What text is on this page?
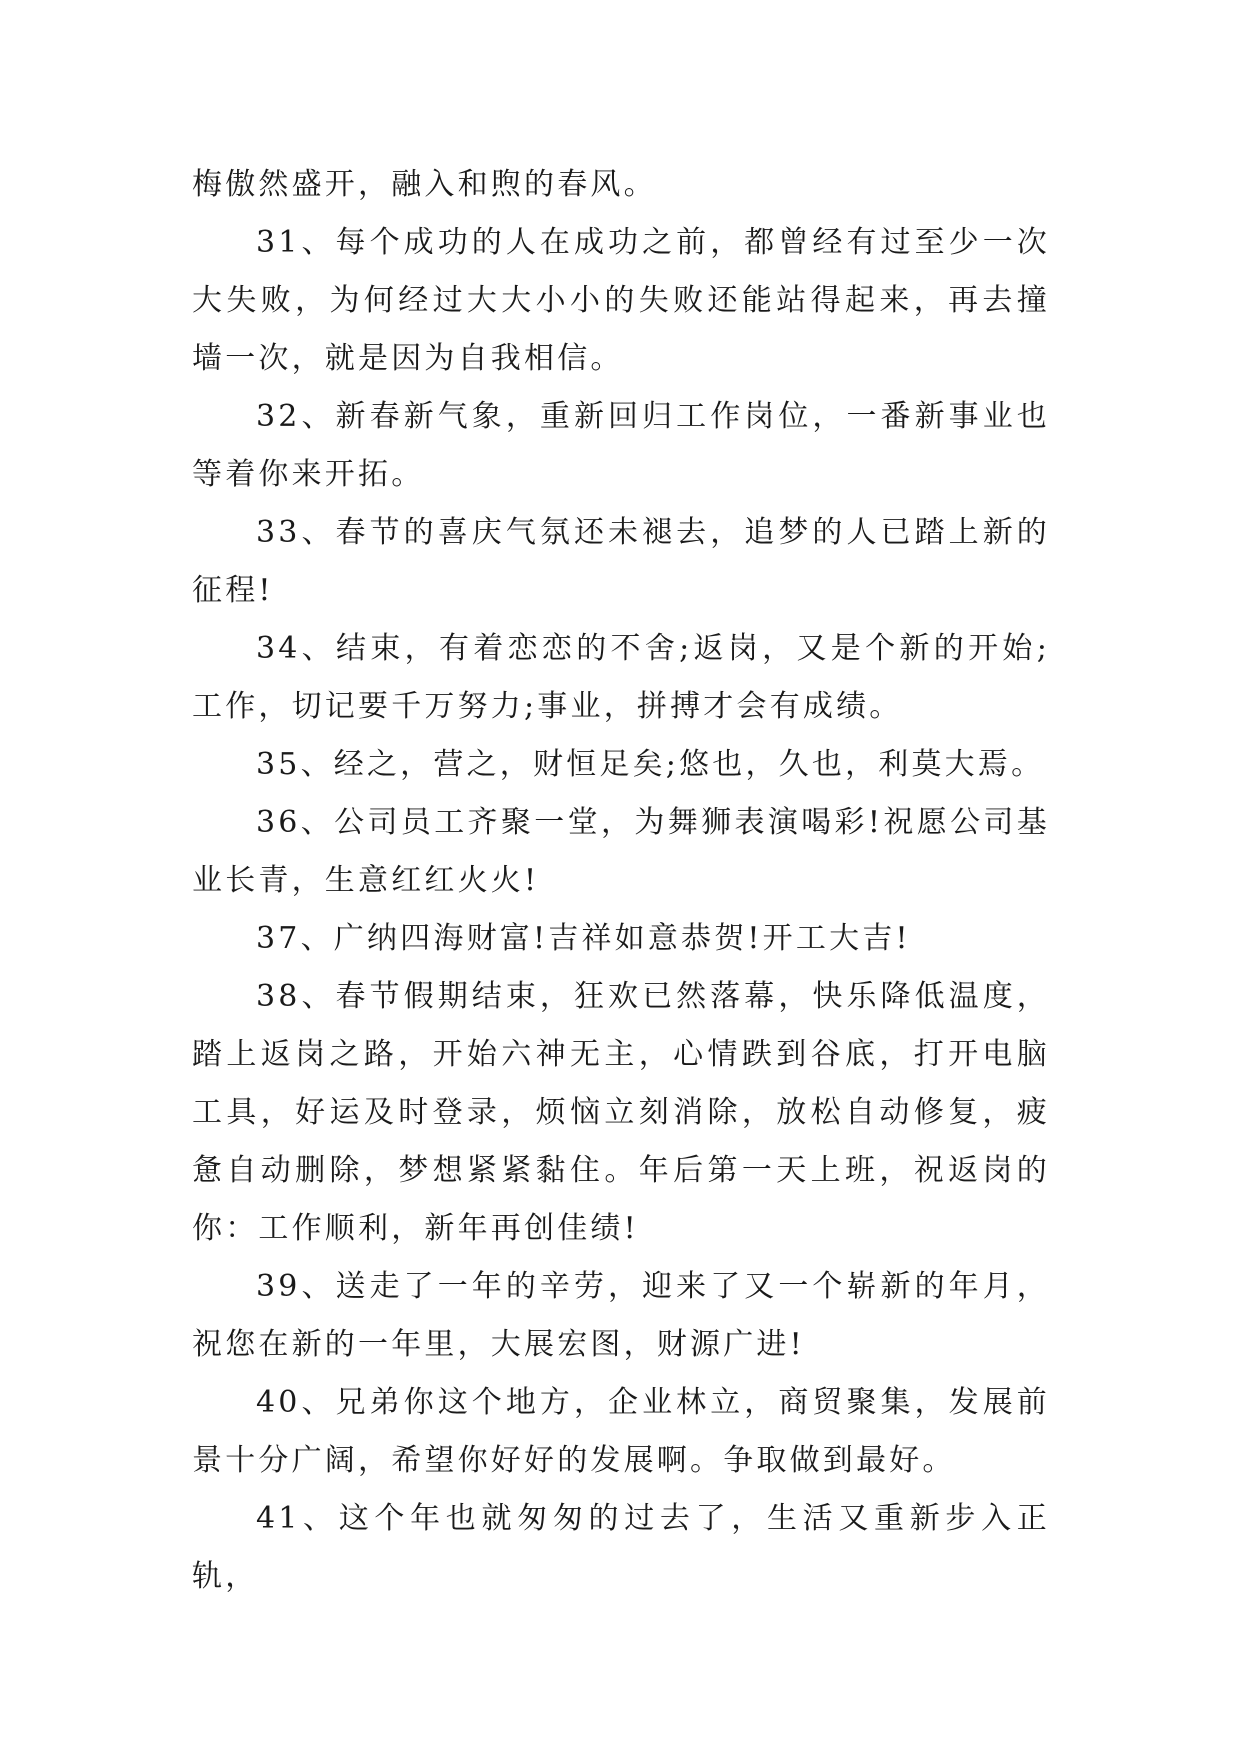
梅傲然盛开，融入和煦的春风。

31、每个成功的人在成功之前，都曾经有过至少一次大失败，为何经过大大小小的失败还能站得起来，再去撞墙一次，就是因为自我相信。

32、新春新气象，重新回归工作岗位，一番新事业也等着你来开拓。

33、春节的喜庆气氛还未褪去，追梦的人已踏上新的征程!

34、结束，有着恋恋的不舍;返岗，又是个新的开始;工作，切记要千万努力;事业，拼搏才会有成绩。

35、经之，营之，财恒足矣;悠也，久也，利莫大焉。

36、公司员工齐聚一堂，为舞狮表演喝彩!祝愿公司基业长青，生意红红火火!

37、广纳四海财富!吉祥如意恭贺!开工大吉!

38、春节假期结束，狂欢已然落幕，快乐降低温度，踏上返岗之路，开始六神无主，心情跌到谷底，打开电脑工具，好运及时登录，烦恼立刻消除，放松自动修复，疲惫自动删除，梦想紧紧黏住。年后第一天上班，祝返岗的你：工作顺利，新年再创佳绩!

39、送走了一年的辛劳，迎来了又一个崭新的年月，祝您在新的一年里，大展宏图，财源广进!

40、兄弟你这个地方，企业林立，商贸聚集，发展前景十分广阔，希望你好好的发展啊。争取做到最好。

41、这个年也就匆匆的过去了，生活又重新步入正轨，
